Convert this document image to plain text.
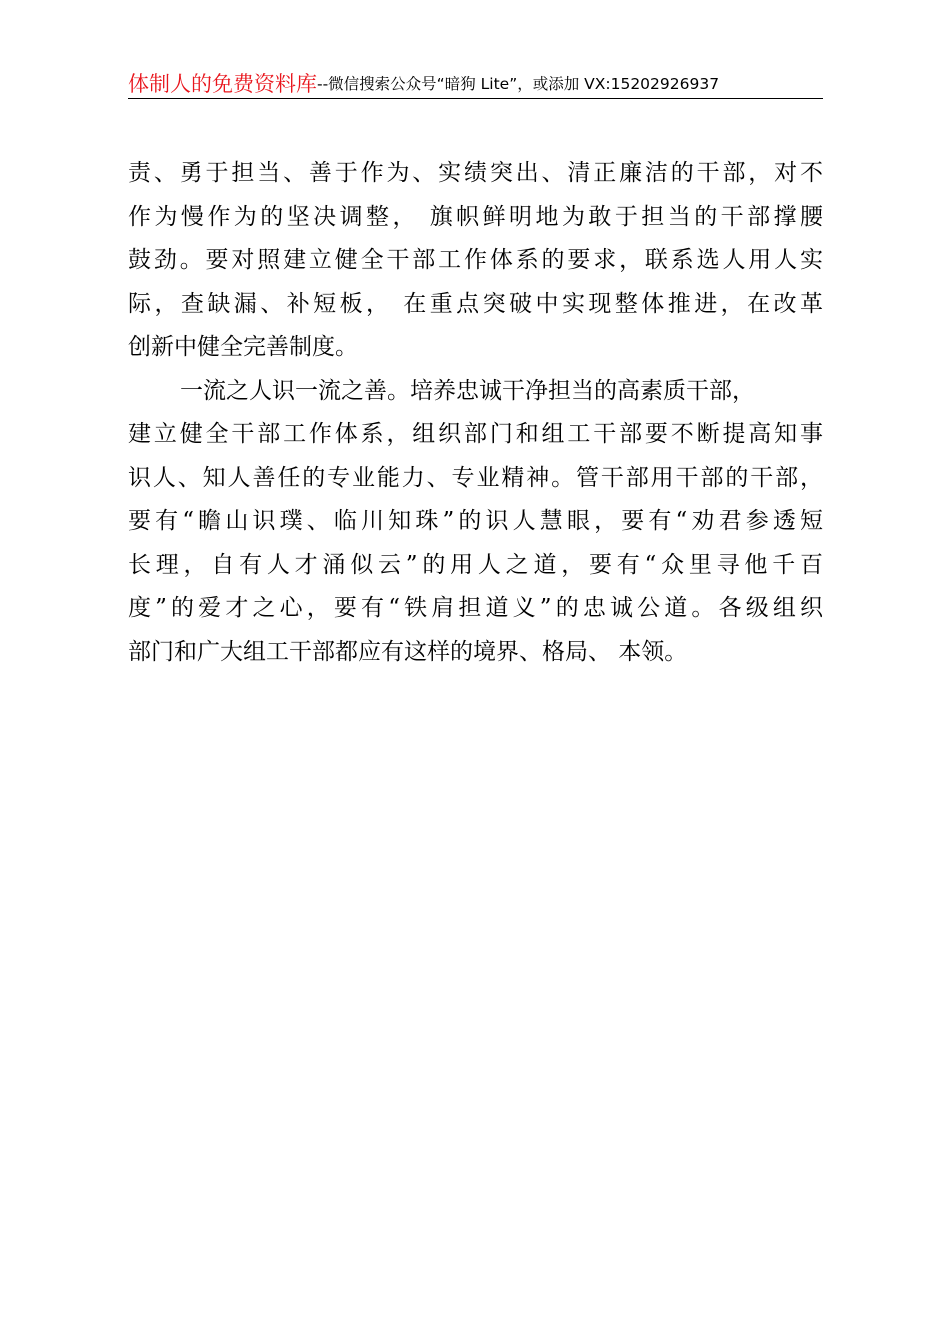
体制人的免费资料库--微信搜索公众号“暗狗 Lite”，或添加 VX:15202926937
责、勇于担当、善于作为、实绩突出、清正廉洁的干部，对不
作为慢作为的坚决调整， 旗帜鲜明地为敢于担当的干部撑腰
鼓劲。要对照建立健全干部工作体系的要求，联系选人用人实
际，查缺漏、补短板， 在重点突破中实现整体推进，在改革
创新中健全完善制度。
一流之人识一流之善。培养忠诚干净担当的高素质干部，
建立健全干部工作体系，组织部门和组工干部要不断提高知事
识人、知人善任的专业能力、专业精神。管干部用干部的干部，
要有“瞻山识璞、临川知珠”的识人慧眼，要有“劝君参透短
长理，自有人才涌似云”的用人之道，要有“众里寻他千百
度”的爱才之心，要有“铁肩担道义”的忠诚公道。各级组织
部门和广大组工干部都应有这样的境界、格局、 本领。
